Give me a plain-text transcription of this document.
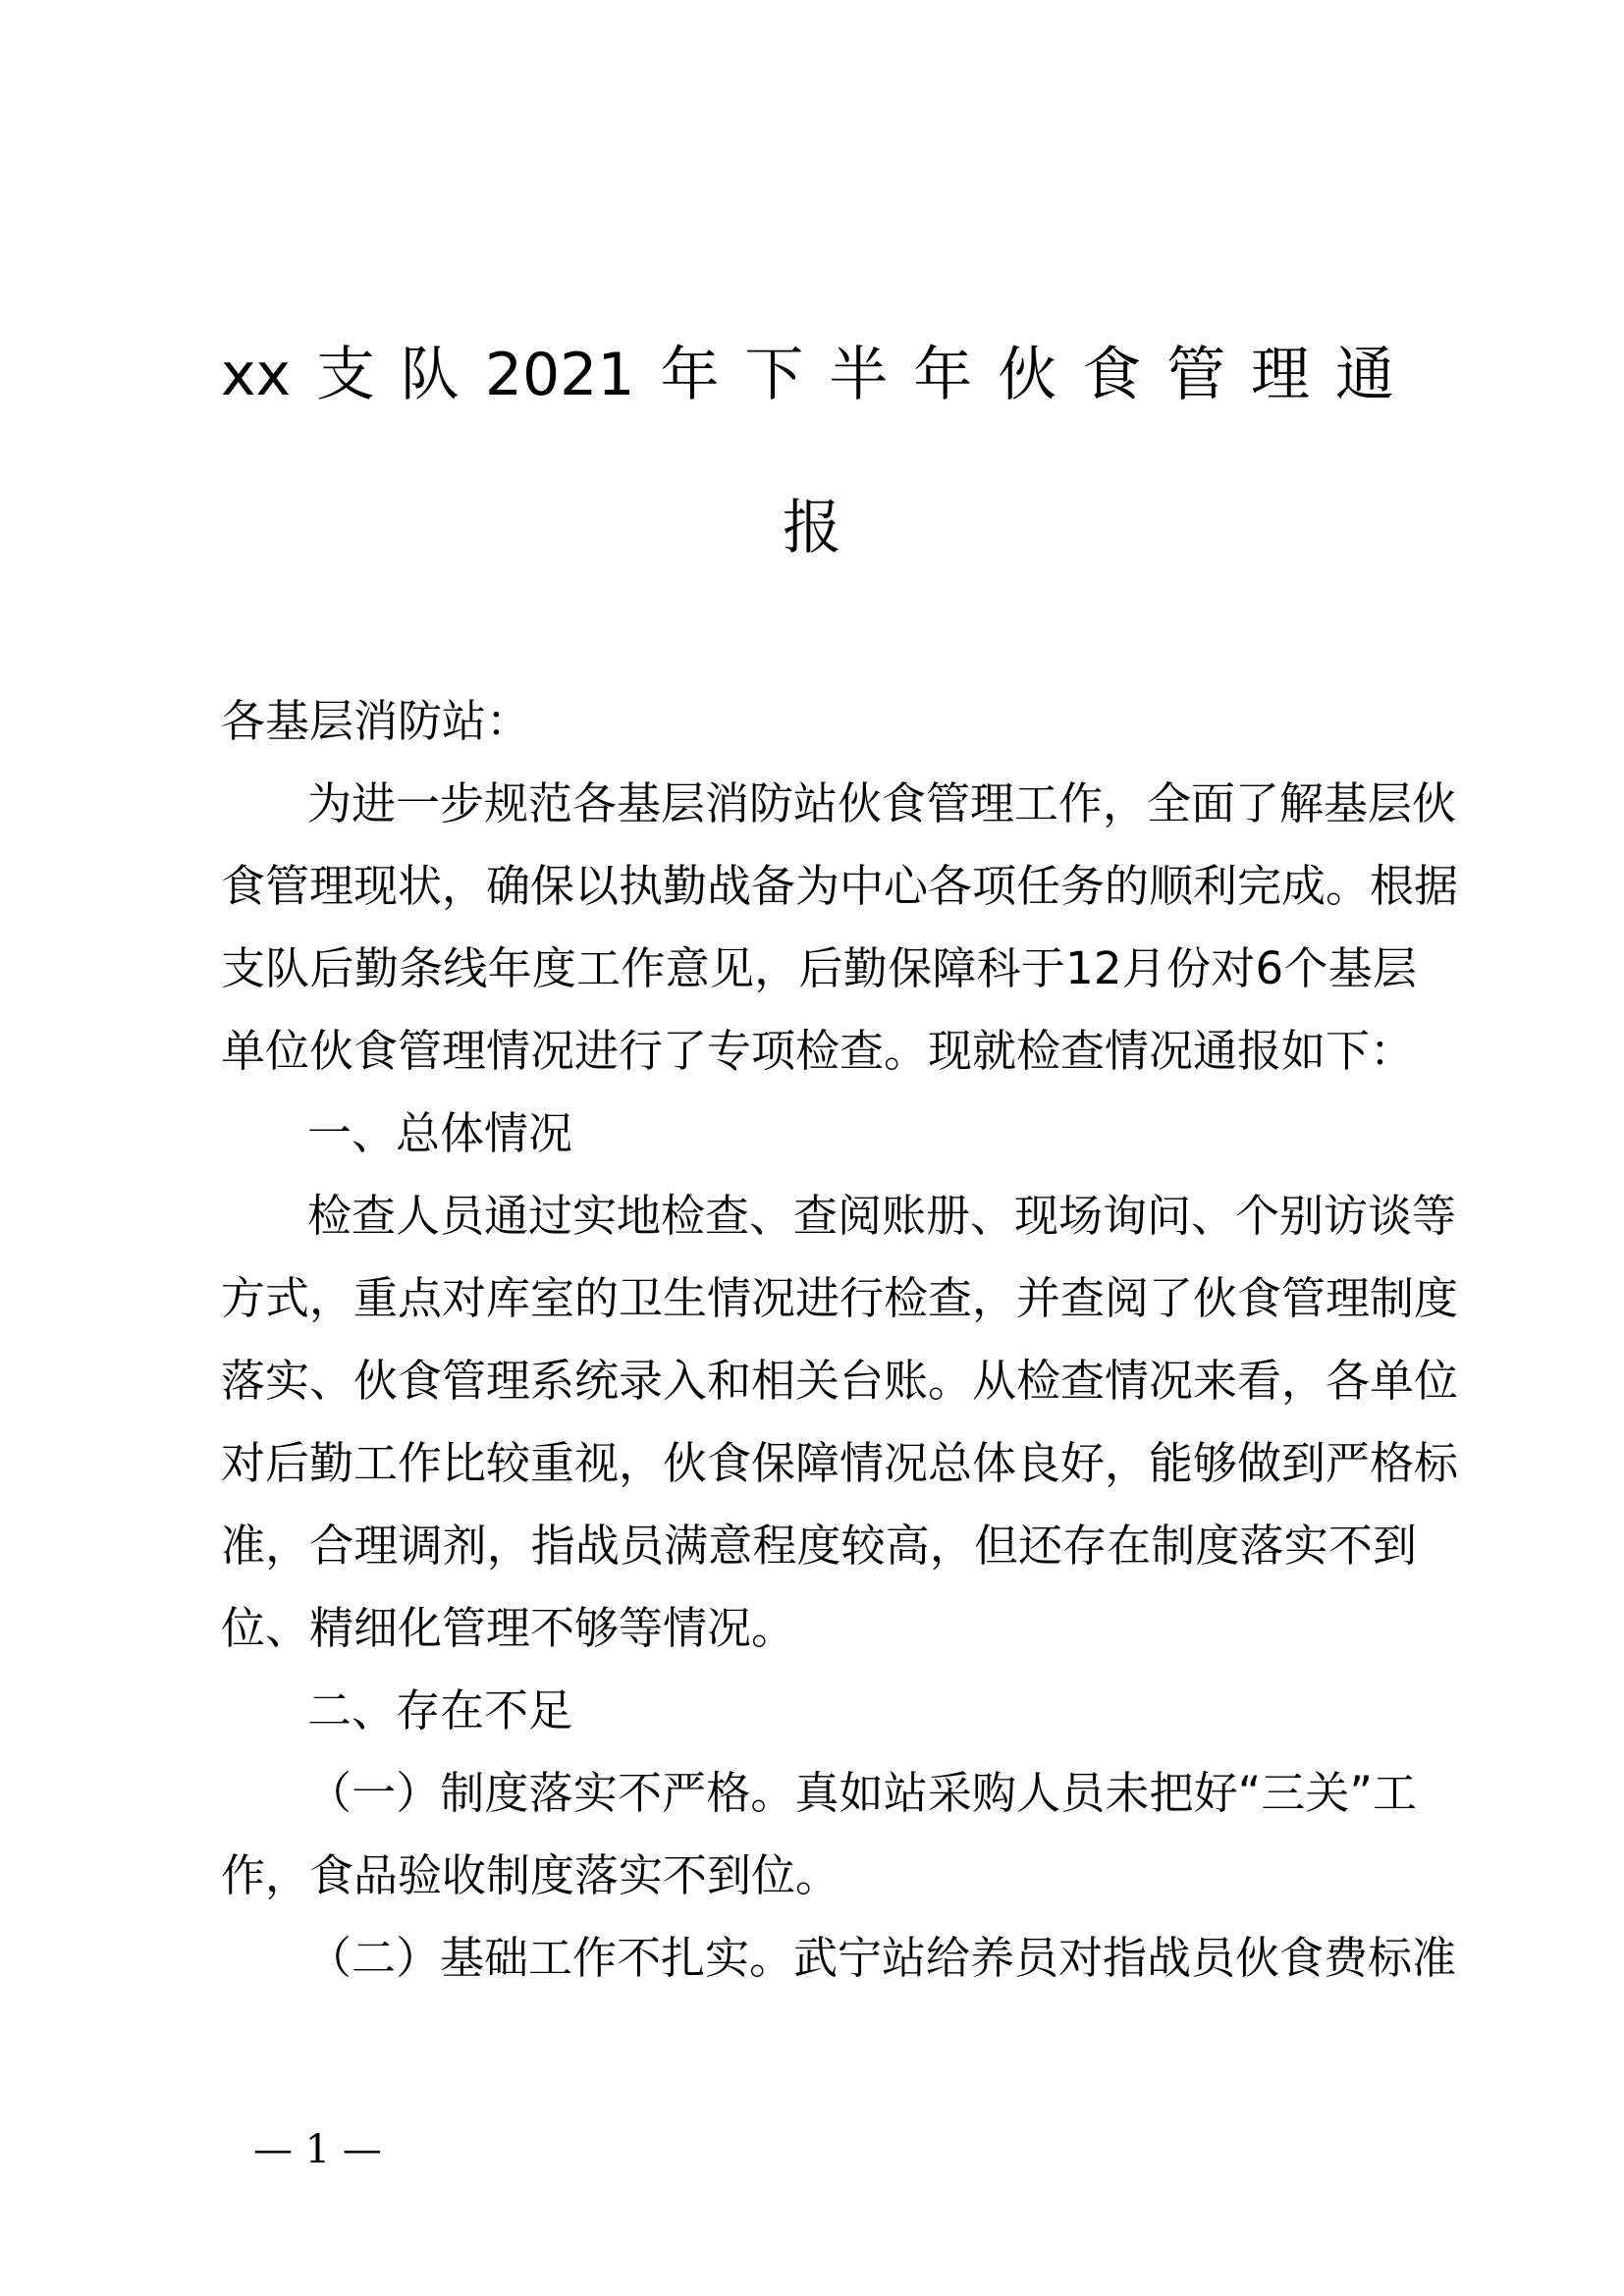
xx支队2021年下半年伙食管理通
报
各基层消防站：
为进一步规范各基层消防站伙食管理工作，全面了解基层伙
食管理现状，确保以执勤战备为中心各项任务的顺利完成。根据
支队后勤条线年度工作意见，后勤保障科于12月份对6个基层
单位伙食管理情况进行了专项检查。现就检查情况通报如下：
一、总体情况
检查人员通过实地检查、查阅账册、现场询问、个别访谈等
方式，重点对库室的卫生情况进行检查，并查阅了伙食管理制度
落实、伙食管理系统录入和相关台账。从检查情况来看，各单位
对后勤工作比较重视，伙食保障情况总体良好，能够做到严格标
准，合理调剂，指战员满意程度较高，但还存在制度落实不到
位、精细化管理不够等情况。
二、存在不足
（一）制度落实不严格。真如站采购人员未把好“三关”工
作，食品验收制度落实不到位。
（二）基础工作不扎实。武宁站给养员对指战员伙食费标准
— 1 —
